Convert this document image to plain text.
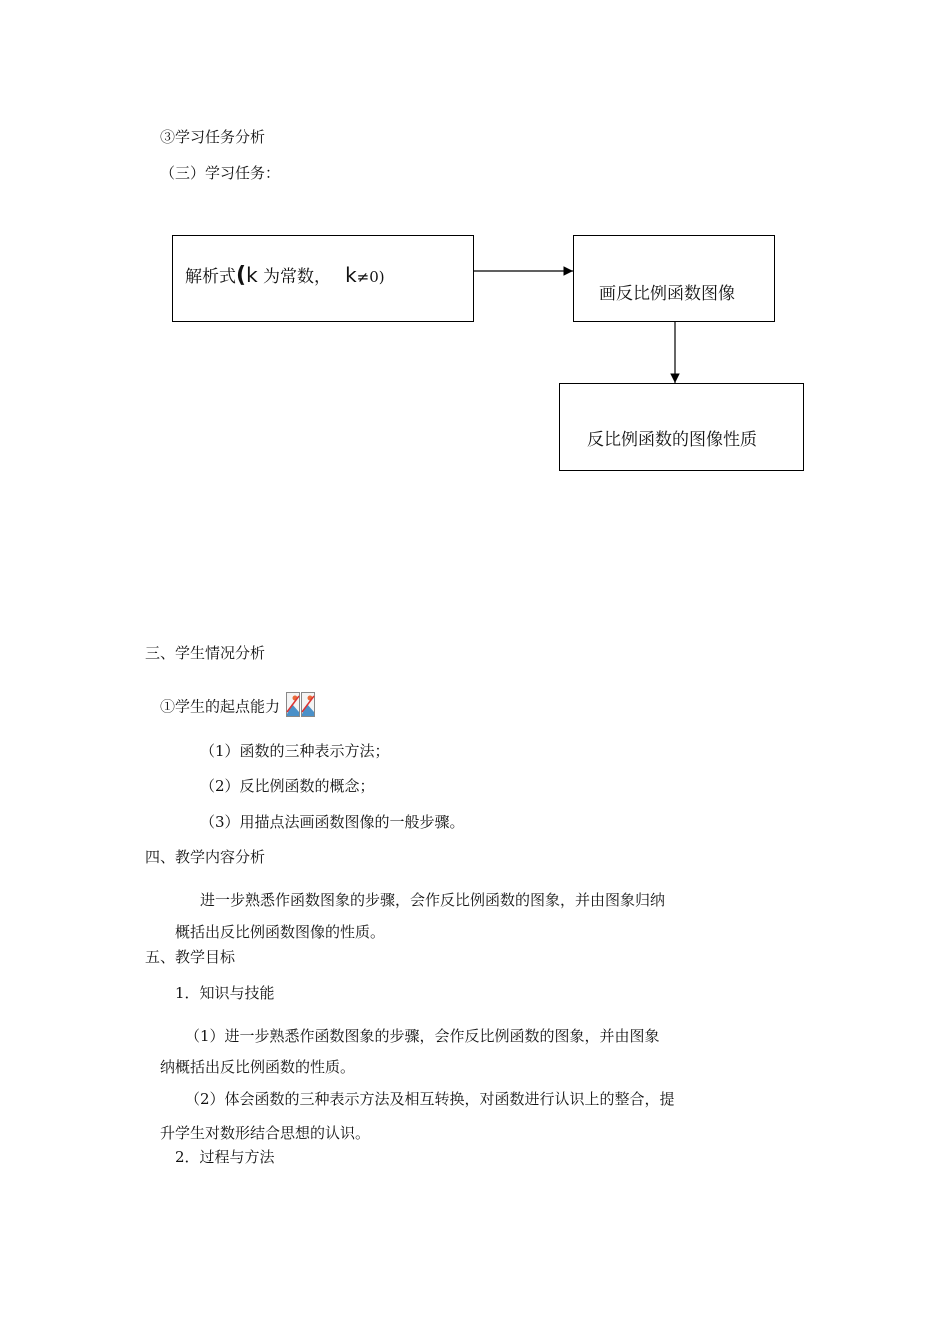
③学习任务分析
（三）学习任务：
解析式(k 为常数， k≠0)
画反比例函数图像
反比例函数的图像性质
三、学生情况分析
①学生的起点能力
（1）函数的三种表示方法；
（2）反比例函数的概念；
（3）用描点法画函数图像的一般步骤。
四、教学内容分析
进一步熟悉作函数图象的步骤，会作反比例函数的图象，并由图象归纳
概括出反比例函数图像的性质。
五、教学目标
1．知识与技能
（1）进一步熟悉作函数图象的步骤，会作反比例函数的图象，并由图象
纳概括出反比例函数的性质。
（2）体会函数的三种表示方法及相互转换，对函数进行认识上的整合，提
升学生对数形结合思想的认识。
2．过程与方法
